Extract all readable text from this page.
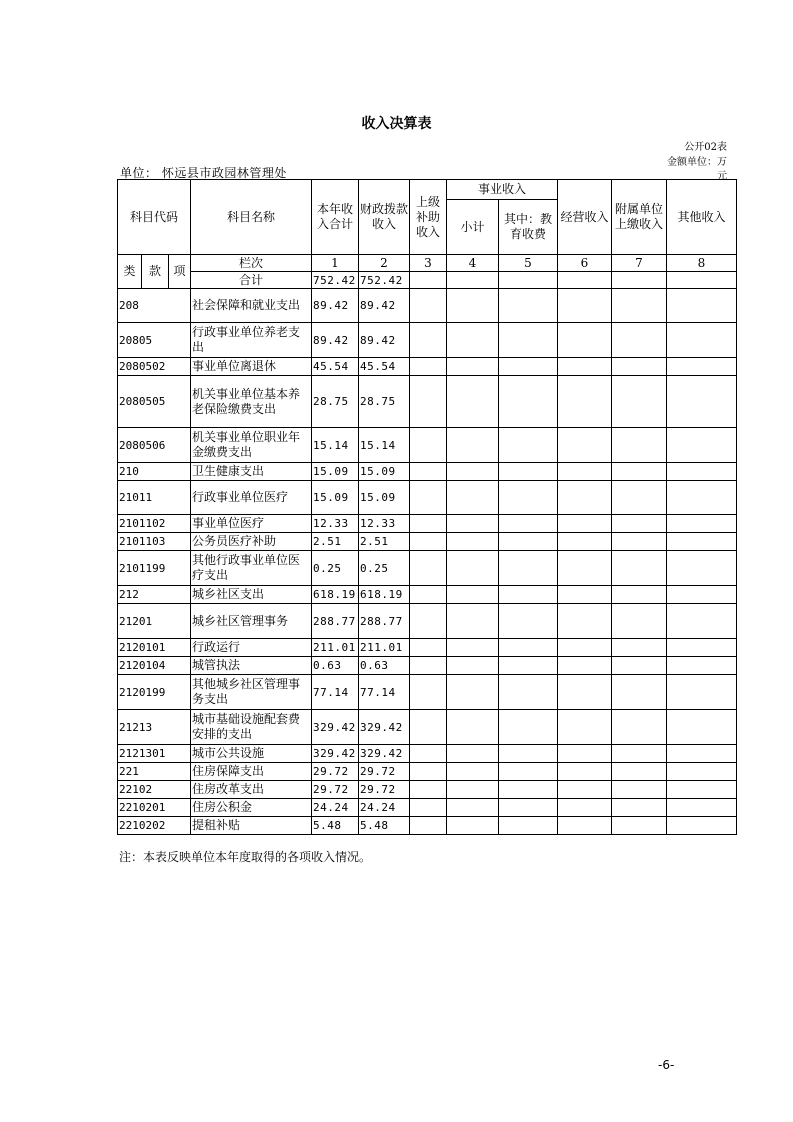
收入决算表
公开02表
金额单位：万
元
单位： 怀远县市政园林管理处
科目代码			科目名称	本年收入合计	财政拨款收入	上级补助收入	事业收入		经营收入	附属单位上缴收入	其他收入
							小计	其中：教育收费			

类	款	项	栏次	1	2	3	4	5	6	7	8
			合计	752.42	752.42						
208			社会保障和就业支出	89.42	89.42						
20805			行政事业单位养老支出	89.42	89.42						
2080502			事业单位离退休	45.54	45.54						
2080505			机关事业单位基本养老保险缴费支出	28.75	28.75						
2080506			机关事业单位职业年金缴费支出	15.14	15.14						
210			卫生健康支出	15.09	15.09						
21011			行政事业单位医疗	15.09	15.09						
2101102			事业单位医疗	12.33	12.33						
2101103			公务员医疗补助	2.51	2.51						
2101199			其他行政事业单位医疗支出	0.25	0.25						
212			城乡社区支出	618.19	618.19						
21201			城乡社区管理事务	288.77	288.77						
2120101			行政运行	211.01	211.01						
2120104			城管执法	0.63	0.63						
2120199			其他城乡社区管理事务支出	77.14	77.14						
21213			城市基础设施配套费安排的支出	329.42	329.42						
2121301			城市公共设施	329.42	329.42						
221			住房保障支出	29.72	29.72						
22102			住房改革支出	29.72	29.72						
2210201			住房公积金	24.24	24.24						
2210202			提租补贴	5.48	5.48						
注：本表反映单位本年度取得的各项收入情况。
-6-
